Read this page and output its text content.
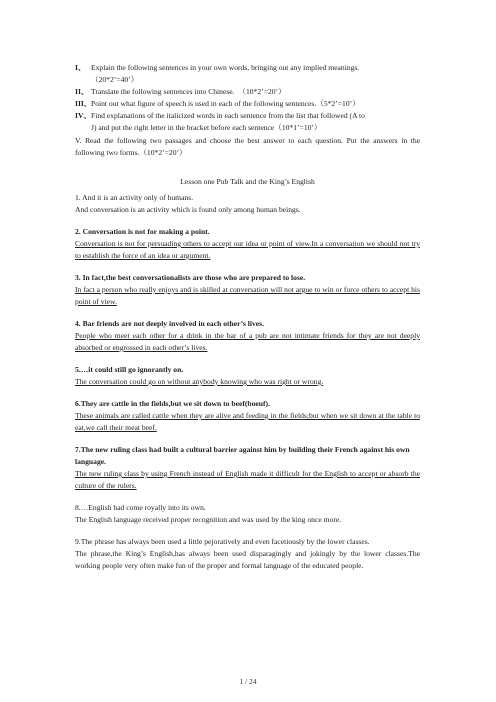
I、 Explain the following sentences in your own words, bringing out any implied meanings.
（20*2’=40’）
II、 Translate the following sentences into Chinese.　（10*2’=20’）
III、 Point out what figure of speech is used in each of the following sentences.（5*2’=10’）
IV、 Find explanations of the italicized words in each sentence from the list that followed (A to
J) and put the right letter in the bracket before each sentence（10*1’=10’）
V. Read the following two passages and choose the best answer to each question. Put the answers in the following two forms.（10*2’=20’）
Lesson one Pub Talk and the King’s English
1. And it is an activity only of humans.
And conversation is an activity which is found only among human beings.
2. Conversation is not for making a point.
Conversation is not for persuading others to accept our idea or point of view.In a conversation we should not try to establish the force of an idea or argument.
3. In fact,the best conversationalists are those who are prepared to lose.
In fact a person who really enjoys and is skilled at conversation will not argue to win or force others to accept his point of view.
4. Bar friends are not deeply involved in each other’s lives.
People who meet each other for a drink in the bar of a pub are not intimate friends for they are not deeply absorbed or engrossed in each other’s lives.
5.…it could still go ignorantly on.
The conversation could go on without anybody knowing who was right or wrong.
6.They are cattle in the fields,but we sit down to beef(boeuf).
These animals are called cattle when they are alive and feeding in the fields;but when we sit down at the table to eat,we call their meat beef.
7.The new ruling class had built a cultural barrier against him by building their French against his own language.
The new ruling class by using French instead of English made it difficult for the English to accept or absorb the culture of the rulers.
8.…English had come royally into its own.
The English language received proper recognition and was used by the king once more.
9.The phrase has always been used a little pejoratively and even facetiously by the lower classes.
The phrase,the King’s English,has always been used disparagingly and jokingly by the lower classes.The working people very often make fun of the proper and formal language of the educated people.
1 / 24
